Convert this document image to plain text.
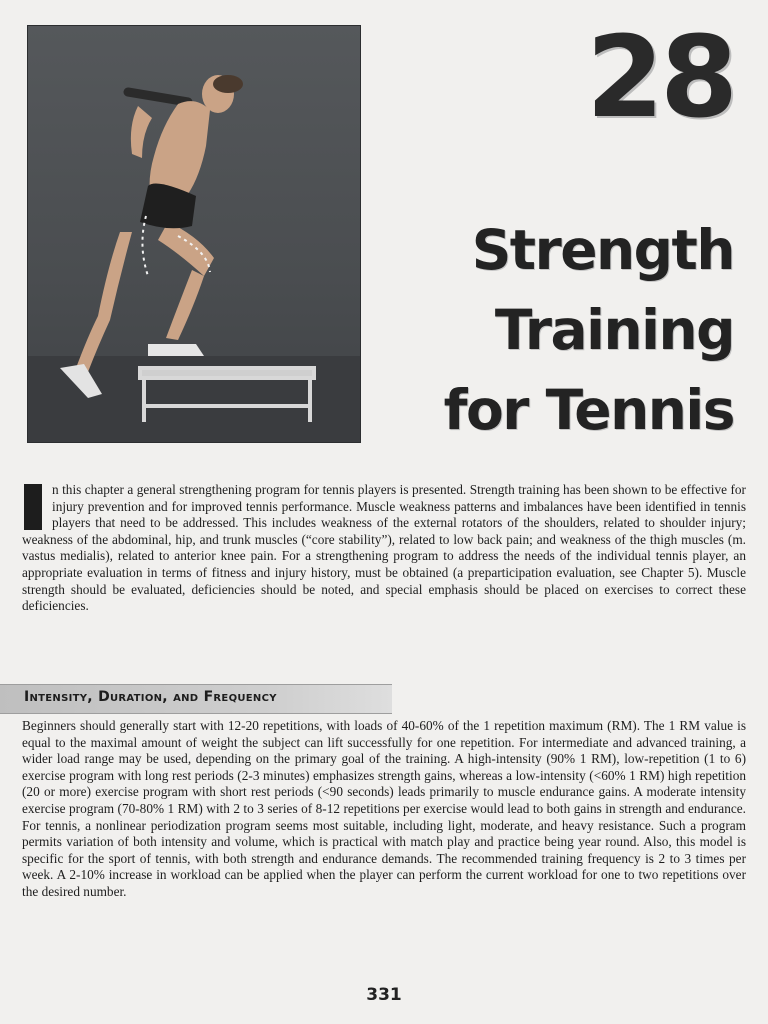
28
Strength
Training
for Tennis
n this chapter a general strengthening program for tennis players is presented. Strength training has been shown to be effective for injury prevention and for improved tennis performance. Muscle weakness patterns and imbalances have been identified in tennis players that need to be addressed. This includes weakness of the external rotators of the shoulders, related to shoulder injury; weakness of the abdominal, hip, and trunk muscles (“core stability”), related to low back pain; and weakness of the thigh muscles (m. vastus medialis), related to anterior knee pain. For a strengthening program to address the needs of the individual tennis player, an appropriate evaluation in terms of fitness and injury history, must be obtained (a preparticipation evaluation, see Chapter 5). Muscle strength should be evaluated, deficiencies should be noted, and special emphasis should be placed on exercises to correct these deficiencies.
Intensity, Duration, and Frequency
Beginners should generally start with 12-20 repetitions, with loads of 40-60% of the 1 repetition maximum (RM). The 1 RM value is equal to the maximal amount of weight the subject can lift successfully for one repetition. For intermediate and advanced training, a wider load range may be used, depending on the primary goal of the training. A high-intensity (90% 1 RM), low-repetition (1 to 6) exercise program with long rest periods (2-3 minutes) emphasizes strength gains, whereas a low-intensity (<60% 1 RM) high repetition (20 or more) exercise program with short rest periods (<90 seconds) leads primarily to muscle endurance gains. A moderate intensity exercise program (70-80% 1 RM) with 2 to 3 series of 8-12 repetitions per exercise would lead to both gains in strength and endurance. For tennis, a nonlinear periodization program seems most suitable, including light, moderate, and heavy resistance. Such a program permits variation of both intensity and volume, which is practical with match play and practice being year round. Also, this model is specific for the sport of tennis, with both strength and endurance demands. The recommended training frequency is 2 to 3 times per week. A 2-10% increase in workload can be applied when the player can perform the current workload for one to two repetitions over the desired number.
331
